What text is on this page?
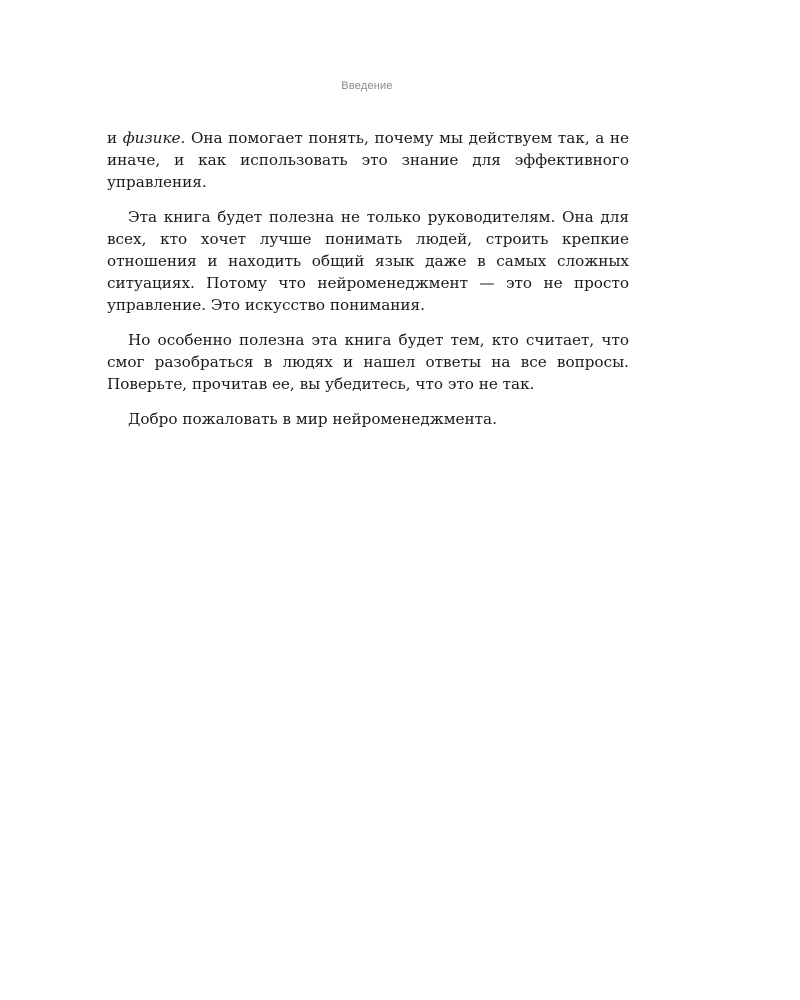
Введение

и физике. Она помогает понять, почему мы действуем так, а не иначе, и как использовать это знание для эффективного управления.

Эта книга будет полезна не только руководителям. Она для всех, кто хочет лучше понимать людей, строить крепкие отношения и находить общий язык даже в самых сложных ситуациях. Потому что нейроменеджмент — это не просто управление. Это искусство понимания.

Но особенно полезна эта книга будет тем, кто считает, что смог разобраться в людях и нашел ответы на все вопросы. Поверьте, прочитав ее, вы убедитесь, что это не так.

Добро пожаловать в мир нейроменеджмента.
